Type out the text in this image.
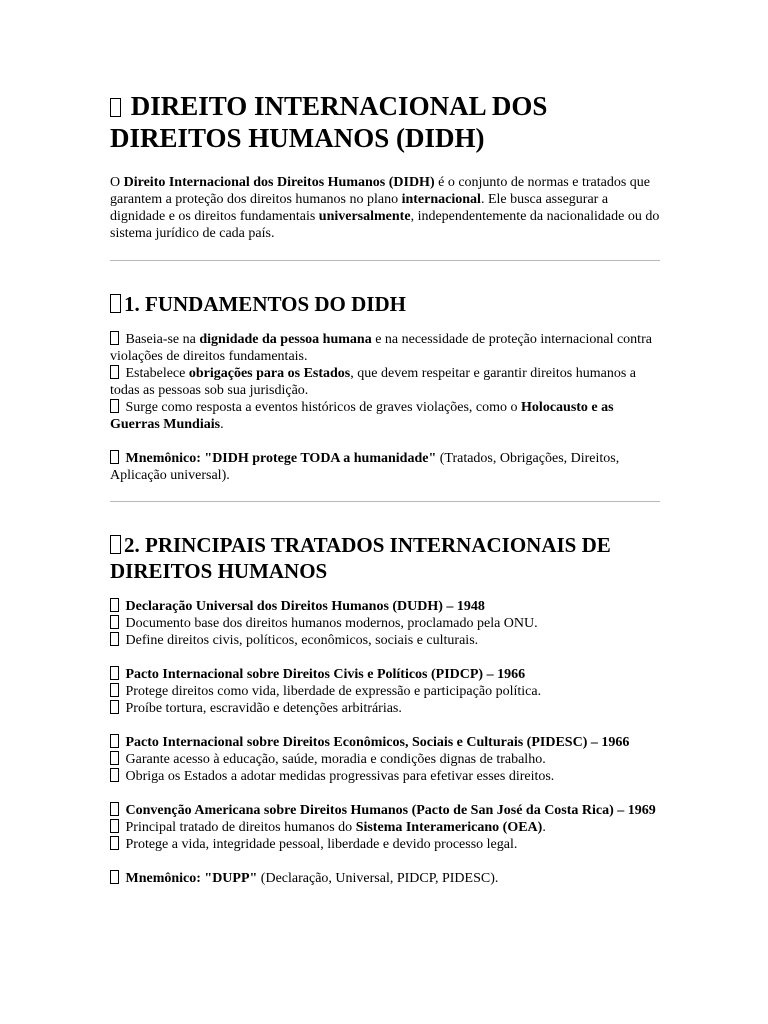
DIREITO INTERNACIONAL DOS DIREITOS HUMANOS (DIDH)

O Direito Internacional dos Direitos Humanos (DIDH) é o conjunto de normas e tratados que garantem a proteção dos direitos humanos no plano internacional. Ele busca assegurar a dignidade e os direitos fundamentais universalmente, independentemente da nacionalidade ou do sistema jurídico de cada país.

1. FUNDAMENTOS DO DIDH

Baseia-se na dignidade da pessoa humana e na necessidade de proteção internacional contra violações de direitos fundamentais.

Estabelece obrigações para os Estados, que devem respeitar e garantir direitos humanos a todas as pessoas sob sua jurisdição.

Surge como resposta a eventos históricos de graves violações, como o Holocausto e as Guerras Mundiais.

Mnemônico: "DIDH protege TODA a humanidade" (Tratados, Obrigações, Direitos, Aplicação universal).

2. PRINCIPAIS TRATADOS INTERNACIONAIS DE DIREITOS HUMANOS

Declaração Universal dos Direitos Humanos (DUDH) – 1948

Documento base dos direitos humanos modernos, proclamado pela ONU.

Define direitos civis, políticos, econômicos, sociais e culturais.

Pacto Internacional sobre Direitos Civis e Políticos (PIDCP) – 1966

Protege direitos como vida, liberdade de expressão e participação política.

Proíbe tortura, escravidão e detenções arbitrárias.

Pacto Internacional sobre Direitos Econômicos, Sociais e Culturais (PIDESC) – 1966

Garante acesso à educação, saúde, moradia e condições dignas de trabalho.

Obriga os Estados a adotar medidas progressivas para efetivar esses direitos.

Convenção Americana sobre Direitos Humanos (Pacto de San José da Costa Rica) – 1969

Principal tratado de direitos humanos do Sistema Interamericano (OEA).

Protege a vida, integridade pessoal, liberdade e devido processo legal.

Mnemônico: "DUPP" (Declaração, Universal, PIDCP, PIDESC).
